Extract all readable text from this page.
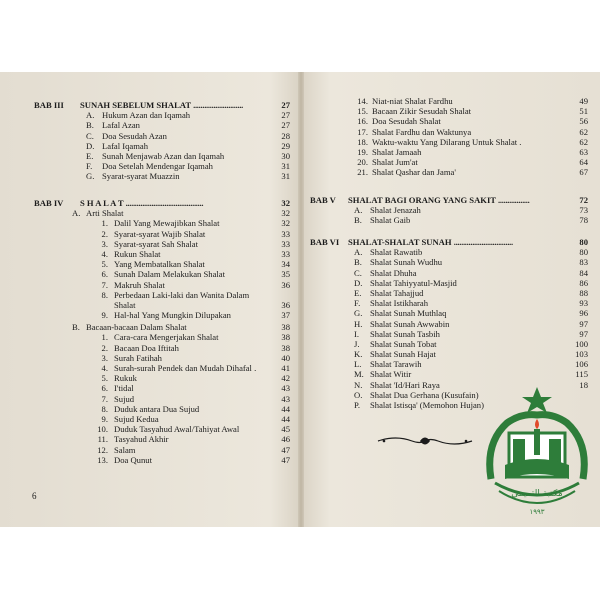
BAB III	SUNAH SEBELUM SHALAT ...........................	27
A. Hukum Azan dan Iqamah	27
B. Lafal Azan	27
C. Doa Sesudah Azan	28
D. Lafal Iqamah	29
E. Sunah Menjawab Azan dan Iqamah	30
F.	Doa Setelah Mendengar Iqamah	31
G. Syarat-syarat Muazzin	31
BAB IV	S H A L A T ..........................................	32
A. Arti Shalat	32
1. Dalil Yang Mewajibkan Shalat	32
2. Syarat-syarat Wajib Shalat	33
3. Syarat-syarat Sah Shalat	33
4. Rukun Shalat	33
5. Yang Membatalkan Shalat	34
6. Sunah Dalam Melakukan Shalat	35
7. Makruh Shalat	36
8. Perbedaan Laki-laki dan Wanita Dalam Shalat	36
9. Hal-hal Yang Mungkin Dilupakan	37
B. Bacaan-bacaan Dalam Shalat	38
1. Cara-cara Mengerjakan Shalat	38
2. Bacaan Doa Iftitah	38
3. Surah Fatihah	40
4. Surah-surah Pendek dan Mudah Dihafal .	41
5. Rukuk	42
6. I'tidal	43
7. Sujud	43
8. Duduk antara Dua Sujud	44
9. Sujud Kedua	44
10. Duduk Tasyahud Awal/Tahiyat Awal	45
11. Tasyahud Akhir	46
12. Salam	47
13. Doa Qunut	47
6
14. Niat-niat Shalat Fardhu	49
15. Bacaan Zikir Sesudah Shalat	51
16. Doa Sesudah Shalat	56
17. Shalat Fardhu dan Waktunya	62
18. Waktu-waktu Yang Dilarang Untuk Shalat .	62
19. Shalat Jamaah	63
20. Shalat Jum'at	64
21. Shalat Qashar dan Jama'	67
BAB V	SHALAT BAGI ORANG YANG SAKIT .................	72
A. Shalat Jenazah	73
B. Shalat Gaib	78
BAB VI	SHALAT-SHALAT SUNAH ................................	80
A. Shalat Rawatib	80
B. Shalat Sunah Wudhu	83
C. Shalat Dhuha	84
D. Shalat Tahiyyatul-Masjid	86
E. Shalat Tahajjud	88
F.	Shalat Istikharah	93
G. Shalat Sunah Muthlaq	96
H. Shalat Sunah Awwabin	97
I.	Shalat Sunah Tasbih	97
J.	Shalat Sunah Tobat	100
K. Shalat Sunah Hajat	103
L. Shalat Tarawih	106
M. Shalat Witir	115
N. Shalat 'Id/Hari Raya	18
O. Shalat Dua Gerhana (Kusufain)
P.	Shalat Istisqa' (Memohon Hujan)
مكتبة التميمي
١٩٩٣
